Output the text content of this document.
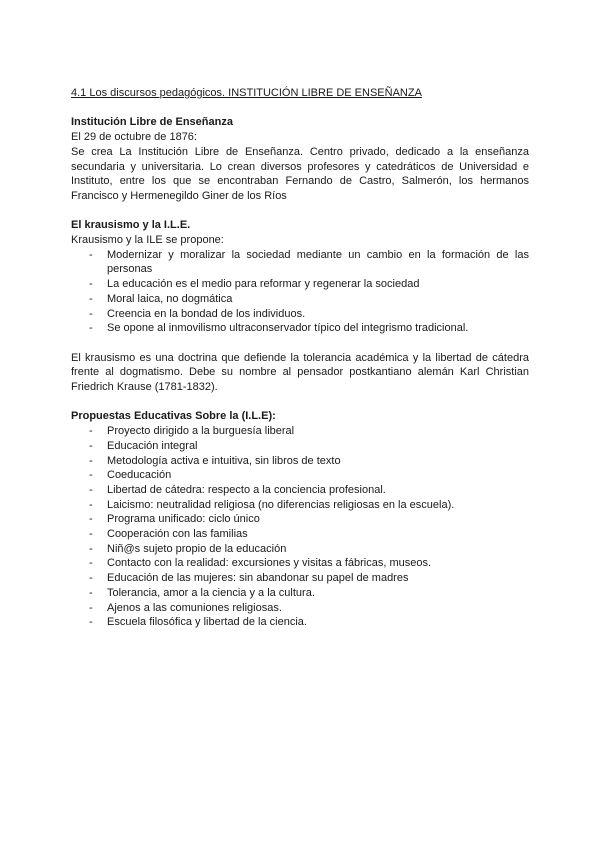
4.1 Los discursos pedagógicos. INSTITUCIÓN LIBRE DE ENSEÑANZA

Institución Libre de Enseñanza

El 29 de octubre de 1876:

Se crea La Institución Libre de Enseñanza. Centro privado, dedicado a la enseñanza secundaria y universitaria. Lo crean diversos profesores y catedráticos de Universidad e Instituto, entre los que se encontraban Fernando de Castro, Salmerón, los hermanos Francisco y Hermenegildo Giner de los Ríos

El krausismo y la I.L.E.

Krausismo y la ILE se propone:

- Modernizar y moralizar la sociedad mediante un cambio en la formación de las personas
- La educación es el medio para reformar y regenerar la sociedad
- Moral laica, no dogmática
- Creencia en la bondad de los individuos.
- Se opone al inmovilismo ultraconservador típico del integrismo tradicional.

El krausismo es una doctrina que defiende la tolerancia académica y la libertad de cátedra frente al dogmatismo. Debe su nombre al pensador postkantiano alemán Karl Christian Friedrich Krause (1781-1832).

Propuestas Educativas Sobre la (I.L.E):

- Proyecto dirigido a la burguesía liberal
- Educación integral
- Metodología activa e intuitiva, sin libros de texto
- Coeducación
- Libertad de cátedra: respecto a la conciencia profesional.
- Laicismo: neutralidad religiosa (no diferencias religiosas en la escuela).
- Programa unificado: ciclo único
- Cooperación con las familias
- Niñ@s sujeto propio de la educación
- Contacto con la realidad: excursiones y visitas a fábricas, museos.
- Educación de las mujeres: sin abandonar su papel de madres
- Tolerancia, amor a la ciencia y a la cultura.
- Ajenos a las comuniones religiosas.
- Escuela filosófica y libertad de la ciencia.
